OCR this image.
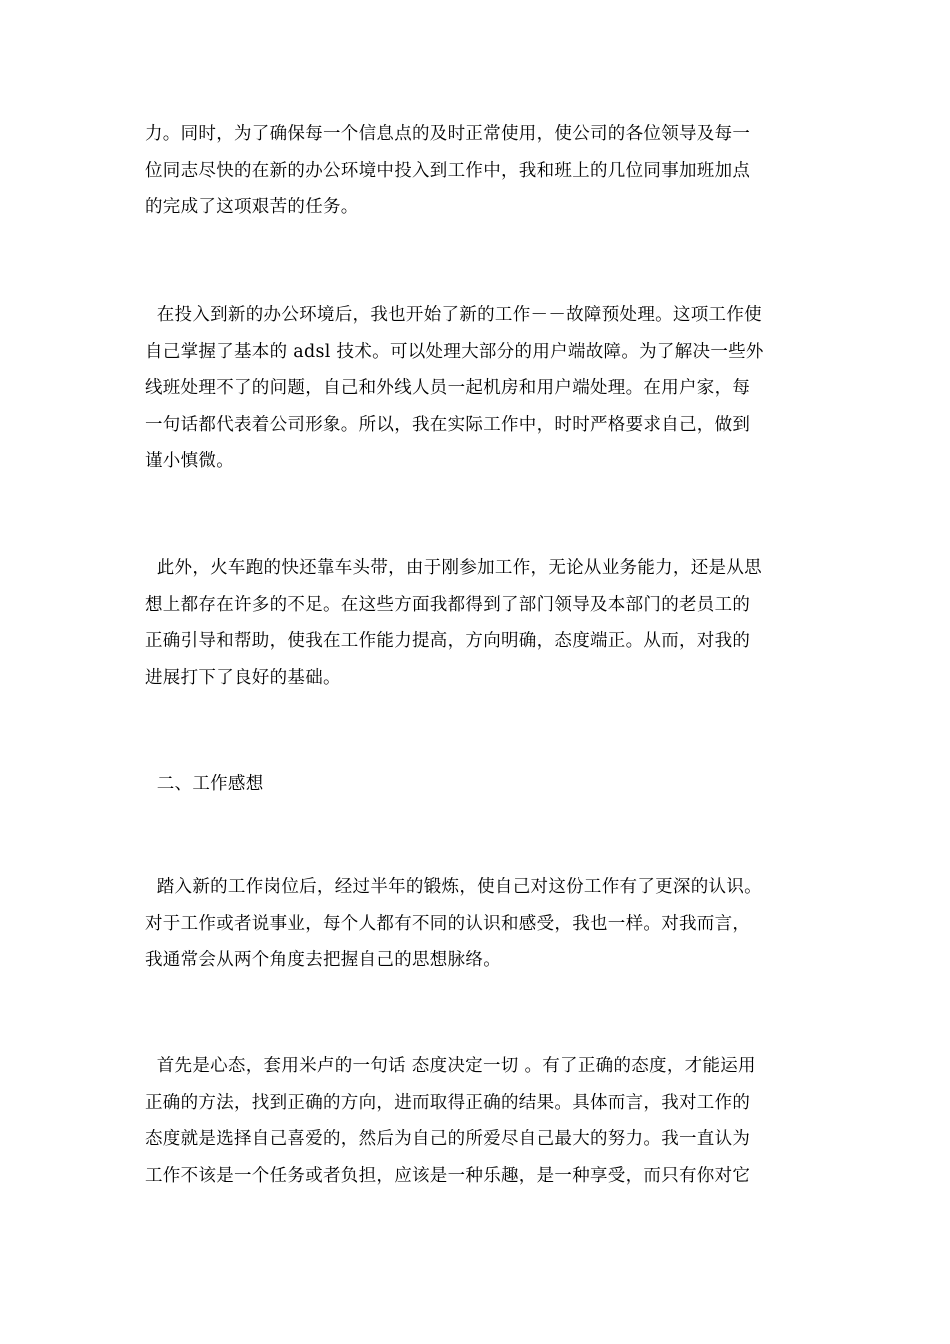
力。同时，为了确保每一个信息点的及时正常使用，使公司的各位领导及每一
位同志尽快的在新的办公环境中投入到工作中，我和班上的几位同事加班加点
的完成了这项艰苦的任务。
在投入到新的办公环境后，我也开始了新的工作－－故障预处理。这项工作使
自己掌握了基本的 adsl 技术。可以处理大部分的用户端故障。为了解决一些外
线班处理不了的问题，自己和外线人员一起机房和用户端处理。在用户家，每
一句话都代表着公司形象。所以，我在实际工作中，时时严格要求自己，做到
谨小慎微。
此外，火车跑的快还靠车头带，由于刚参加工作，无论从业务能力，还是从思
想上都存在许多的不足。在这些方面我都得到了部门领导及本部门的老员工的
正确引导和帮助，使我在工作能力提高，方向明确，态度端正。从而，对我的
进展打下了良好的基础。
二、工作感想
踏入新的工作岗位后，经过半年的锻炼，使自己对这份工作有了更深的认识。
对于工作或者说事业，每个人都有不同的认识和感受，我也一样。对我而言，
我通常会从两个角度去把握自己的思想脉络。
首先是心态，套用米卢的一句话 态度决定一切 。有了正确的态度，才能运用
正确的方法，找到正确的方向，进而取得正确的结果。具体而言，我对工作的
态度就是选择自己喜爱的，然后为自己的所爱尽自己最大的努力。我一直认为
工作不该是一个任务或者负担，应该是一种乐趣，是一种享受，而只有你对它
